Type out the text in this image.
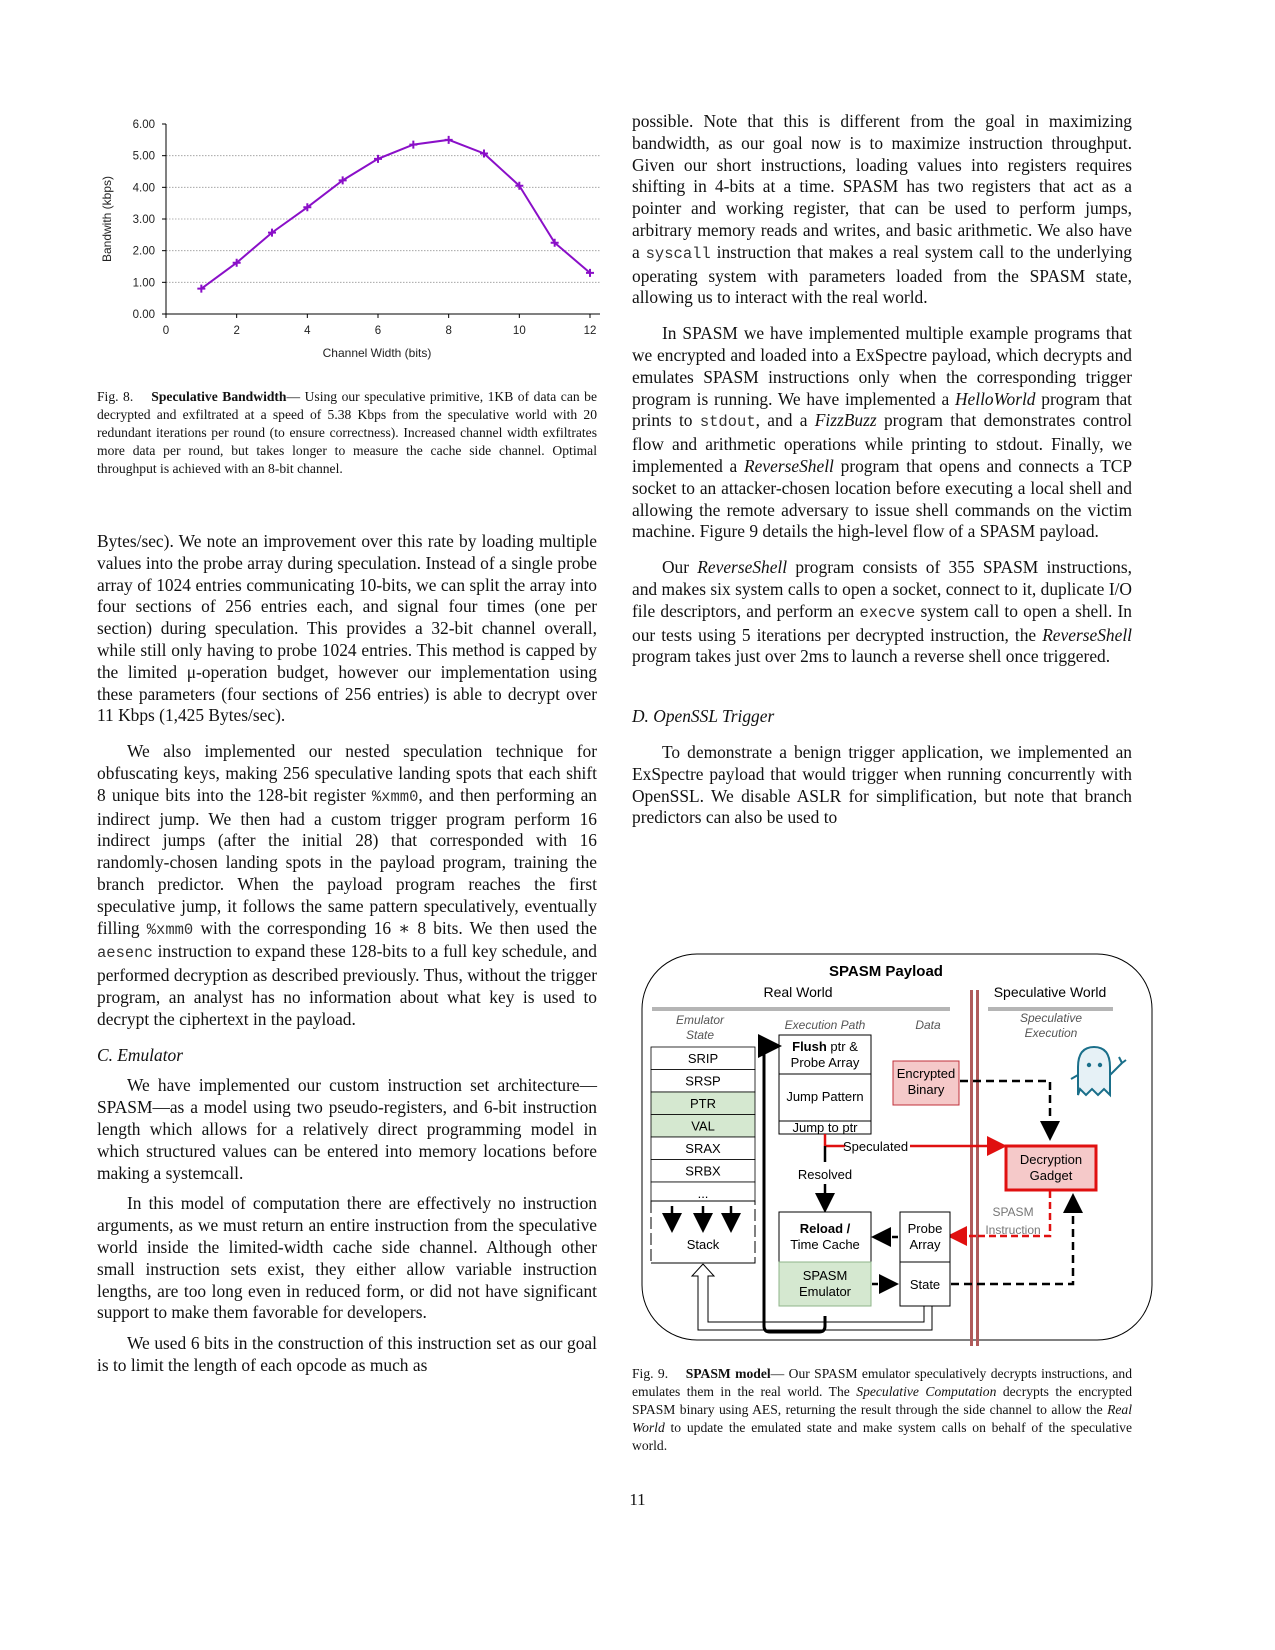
0.00
1.00
2.00
3.00
4.00
5.00
6.00
0	2	4	6	8	10	12
Channel Width (bits)
Bandwith (kbps)
Fig. 8. Speculative Bandwidth— Using our speculative primitive, 1KB of data can be decrypted and exfiltrated at a speed of 5.38 Kbps from the speculative world with 20 redundant iterations per round (to ensure correctness). Increased channel width exfiltrates more data per round, but takes longer to measure the cache side channel. Optimal throughput is achieved with an 8-bit channel.

Bytes/sec). We note an improvement over this rate by loading multiple values into the probe array during speculation. Instead of a single probe array of 1024 entries communicating 10-bits, we can split the array into four sections of 256 entries each, and signal four times (one per section) during speculation. This provides a 32-bit channel overall, while still only having to probe 1024 entries. This method is capped by the limited μ-operation budget, however our implementation using these parameters (four sections of 256 entries) is able to decrypt over 11 Kbps (1,425 Bytes/sec).

We also implemented our nested speculation technique for obfuscating keys, making 256 speculative landing spots that each shift 8 unique bits into the 128-bit register %xmm0, and then performing an indirect jump. We then had a custom trigger program perform 16 indirect jumps (after the initial 28) that corresponded with 16 randomly-chosen landing spots in the payload program, training the branch predictor. When the payload program reaches the first speculative jump, it follows the same pattern speculatively, eventually filling %xmm0 with the corresponding 16 ∗ 8 bits. We then used the aesenc instruction to expand these 128-bits to a full key schedule, and performed decryption as described previously. Thus, without the trigger program, an analyst has no information about what key is used to decrypt the ciphertext in the payload.

C. Emulator

We have implemented our custom instruction set architecture—SPASM—as a model using two pseudo-registers, and 6-bit instruction length which allows for a relatively direct programming model in which structured values can be entered into memory locations before making a systemcall.

In this model of computation there are effectively no instruction arguments, as we must return an entire instruction from the speculative world inside the limited-width cache side channel. Although other small instruction sets exist, they either allow variable instruction lengths, are too long even in reduced form, or did not have significant support to make them favorable for developers.

We used 6 bits in the construction of this instruction set as our goal is to limit the length of each opcode as much as

possible. Note that this is different from the goal in maximizing bandwidth, as our goal now is to maximize instruction throughput. Given our short instructions, loading values into registers requires shifting in 4-bits at a time. SPASM has two registers that act as a pointer and working register, that can be used to perform jumps, arbitrary memory reads and writes, and basic arithmetic. We also have a syscall instruction that makes a real system call to the underlying operating system with parameters loaded from the SPASM state, allowing us to interact with the real world.

In SPASM we have implemented multiple example programs that we encrypted and loaded into a ExSpectre payload, which decrypts and emulates SPASM instructions only when the corresponding trigger program is running. We have implemented a HelloWorld program that prints to stdout, and a FizzBuzz program that demonstrates control flow and arithmetic operations while printing to stdout. Finally, we implemented a ReverseShell program that opens and connects a TCP socket to an attacker-chosen location before executing a local shell and allowing the remote adversary to issue shell commands on the victim machine. Figure 9 details the high-level flow of a SPASM payload.

Our ReverseShell program consists of 355 SPASM instructions, and makes six system calls to open a socket, connect to it, duplicate I/O file descriptors, and perform an execve system call to open a shell. In our tests using 5 iterations per decrypted instruction, the ReverseShell program takes just over 2ms to launch a reverse shell once triggered.

D. OpenSSL Trigger

To demonstrate a benign trigger application, we implemented an ExSpectre payload that would trigger when running concurrently with OpenSSL. We disable ASLR for simplification, but note that branch predictors can also be used to

SPASM Payload
Real World	Speculative World
Emulator
State
Execution Path	Data	Speculative
Execution
SRIP
SRSP
PTR
VAL
SRAX
SRBX
...
Stack
Flush ptr &
Probe Array
Jump Pattern
Jump to ptr
Speculated
Resolved
Encrypted
Binary
Decryption
Gadget
SPASM
Instruction
Reload /
Time Cache
SPASM
Emulator
Probe
Array
State
Fig. 9. SPASM model— Our SPASM emulator speculatively decrypts instructions, and emulates them in the real world. The Speculative Computation decrypts the encrypted SPASM binary using AES, returning the result through the side channel to allow the Real World to update the emulated state and make system calls on behalf of the speculative world.
11
